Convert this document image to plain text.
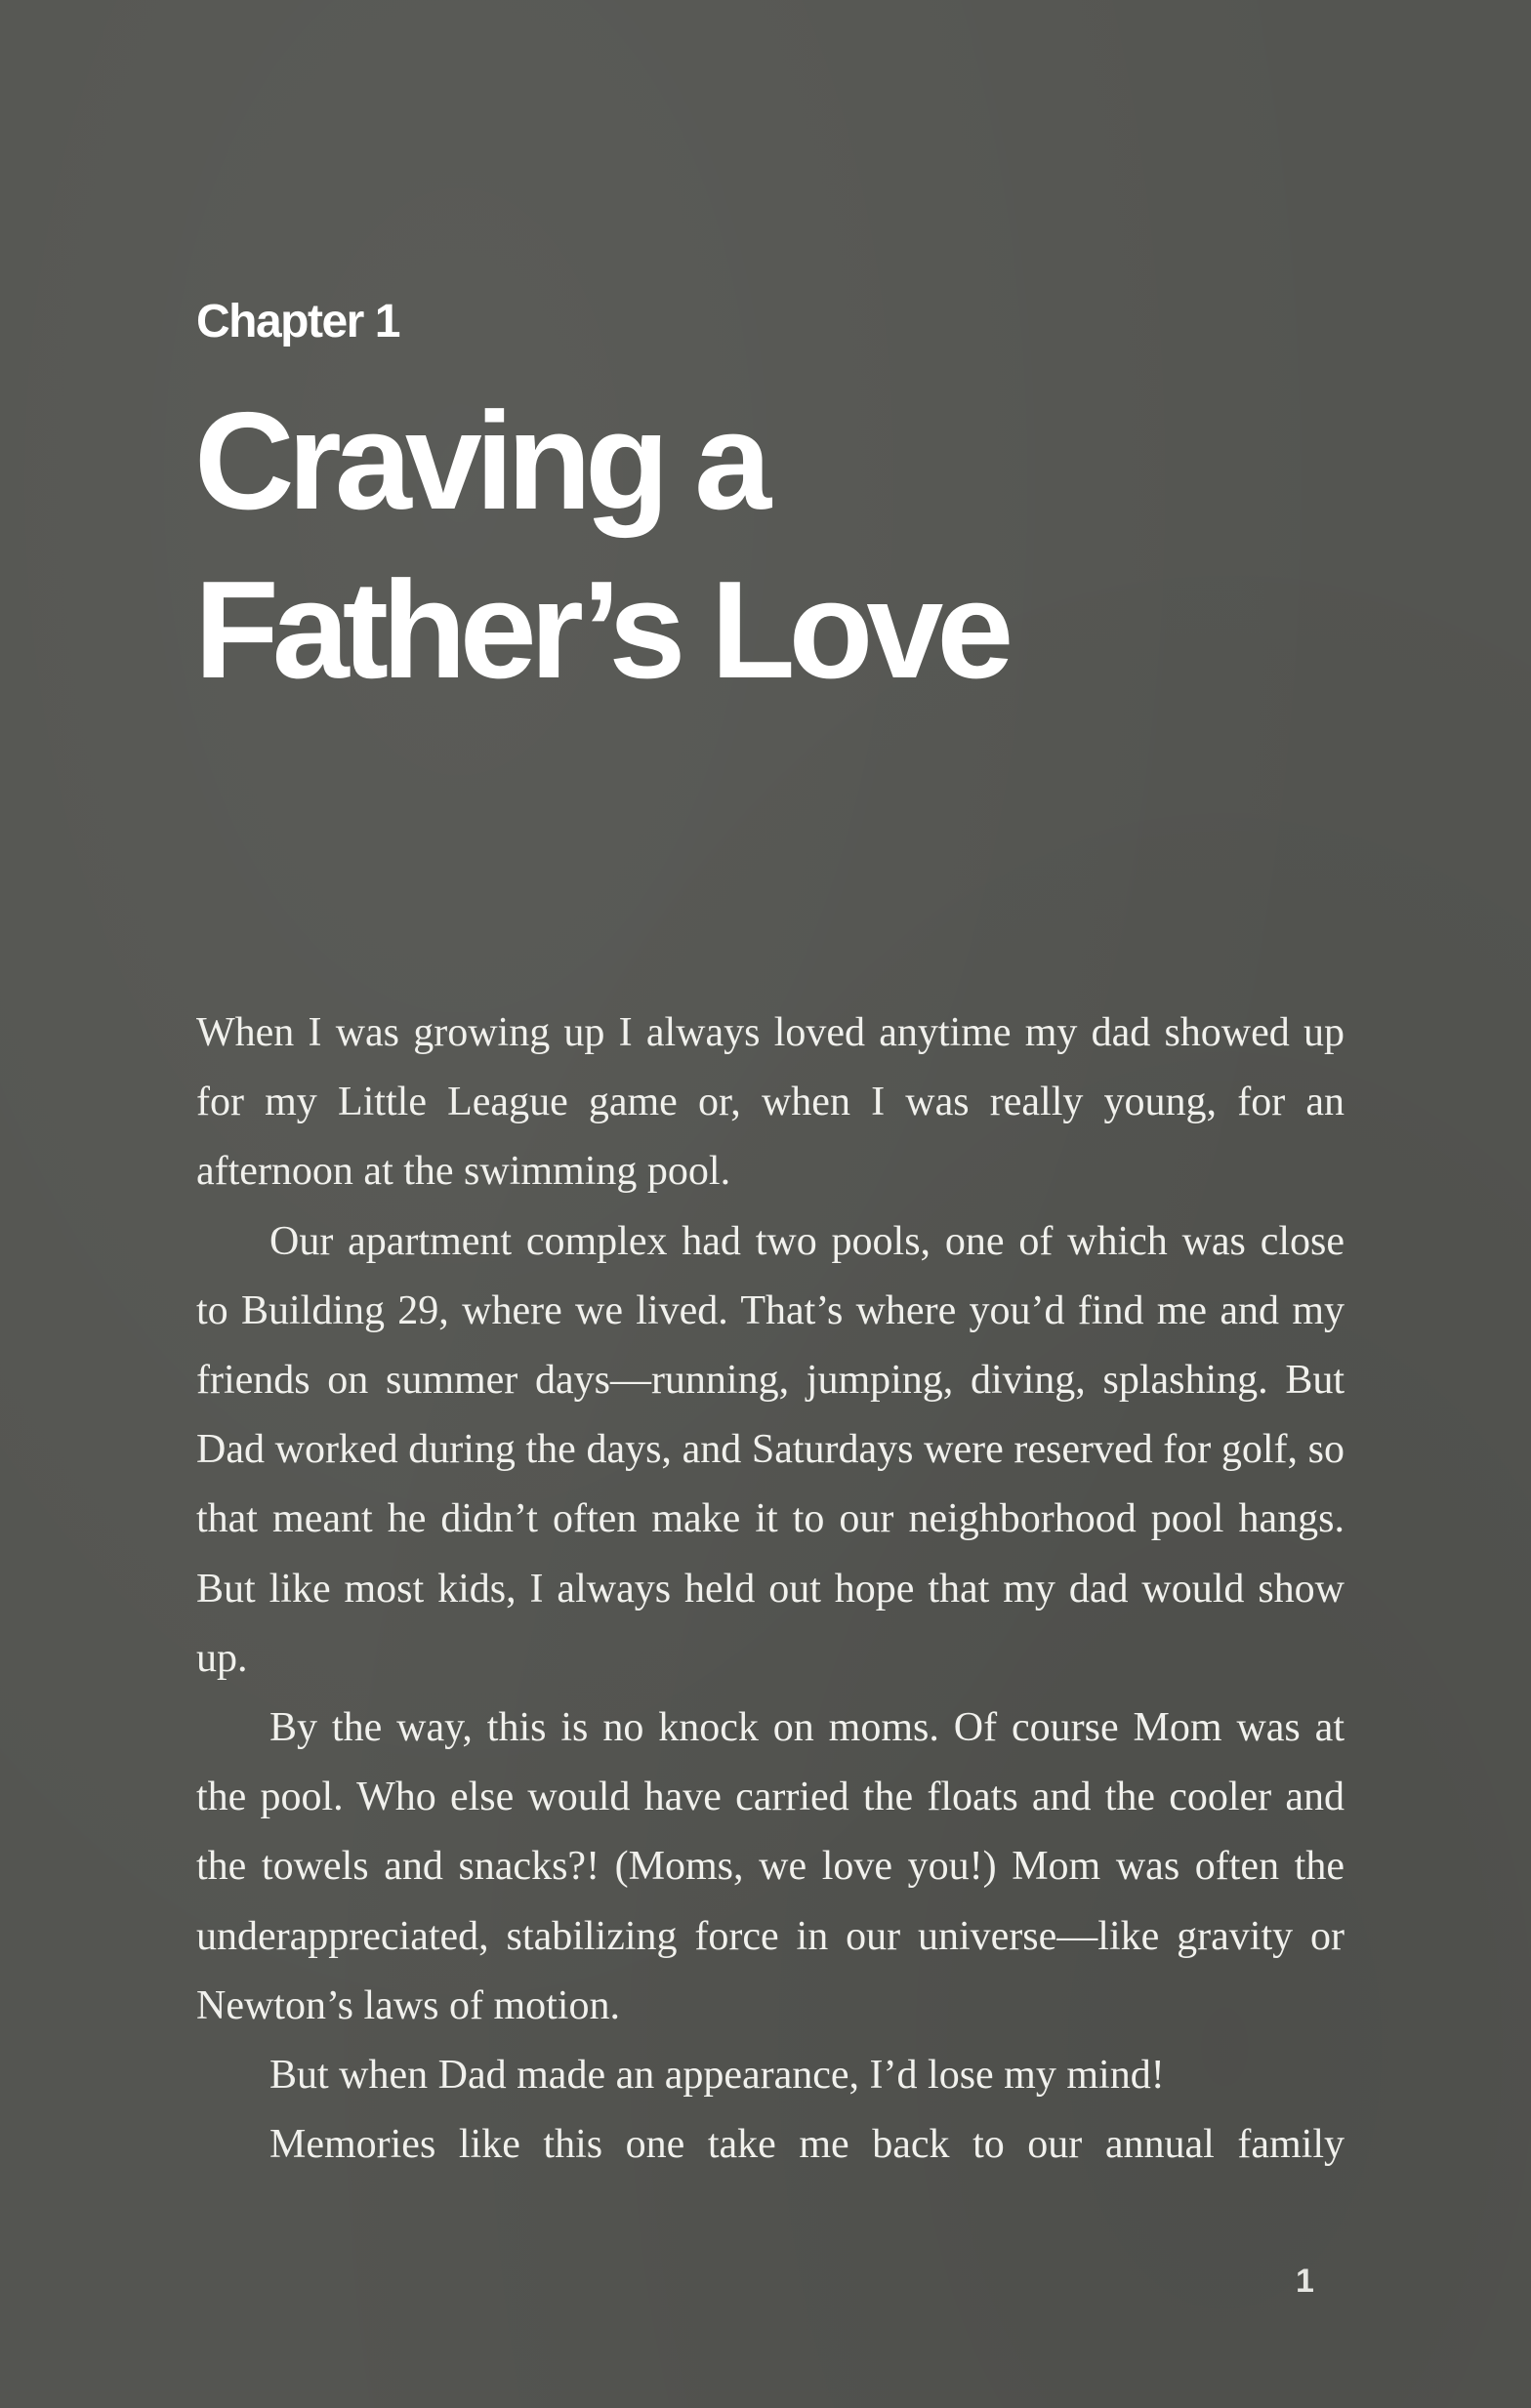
Chapter 1
Craving a
Father’s Love

When I was growing up I always loved anytime my dad showed up for my Little League game or, when I was really young, for an afternoon at the swimming pool.

Our apartment complex had two pools, one of which was close to Building 29, where we lived. That’s where you’d find me and my friends on summer days—running, jumping, diving, splashing. But Dad worked during the days, and Saturdays were reserved for golf, so that meant he didn’t often make it to our neighborhood pool hangs. But like most kids, I always held out hope that my dad would show up.

By the way, this is no knock on moms. Of course Mom was at the pool. Who else would have carried the floats and the cooler and the towels and snacks?! (Moms, we love you!) Mom was often the underappreciated, stabilizing force in our universe—like gravity or Newton’s laws of motion.

But when Dad made an appearance, I’d lose my mind!

Memories like this one take me back to our annual family

1
